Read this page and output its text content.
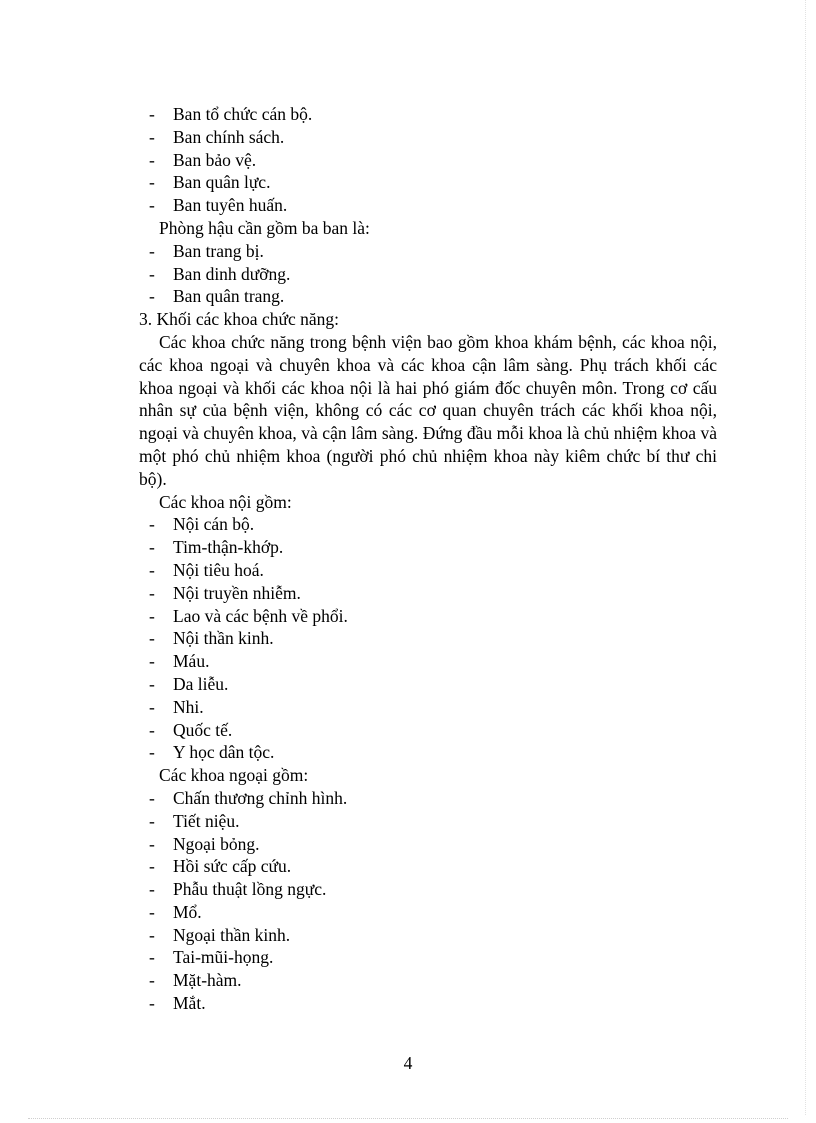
-	Ban tổ chức cán bộ.
-	Ban chính sách.
-	Ban bảo vệ.
-	Ban quân lực.
-	Ban tuyên huấn.
Phòng hậu cần gồm ba ban là:
-	Ban trang bị.
-	Ban dinh dưỡng.
-	Ban quân trang.
3. Khối các khoa chức năng:

Các khoa chức năng trong bệnh viện bao gồm khoa khám bệnh, các khoa nội, các khoa ngoại và chuyên khoa và các khoa cận lâm sàng. Phụ trách khối các khoa ngoại và khối các khoa nội là hai phó giám đốc chuyên môn. Trong cơ cấu nhân sự của bệnh viện, không có các cơ quan chuyên trách các khối khoa nội, ngoại và chuyên khoa, và cận lâm sàng. Đứng đầu mỗi khoa là chủ nhiệm khoa và một phó chủ nhiệm khoa (người phó chủ nhiệm khoa này kiêm chức bí thư chi bộ).

Các khoa nội gồm:
-	Nội cán bộ.
-	Tim-thận-khớp.
-	Nội tiêu hoá.
-	Nội truyền nhiễm.
-	Lao và các bệnh về phổi.
-	Nội thần kinh.
-	Máu.
-	Da liễu.
-	Nhi.
-	Quốc tế.
-	Y học dân tộc.
Các khoa ngoại gồm:
-	Chấn thương chỉnh hình.
-	Tiết niệu.
-	Ngoại bỏng.
-	Hồi sức cấp cứu.
-	Phẫu thuật lồng ngực.
-	Mổ.
-	Ngoại thần kinh.
-	Tai-mũi-họng.
-	Mặt-hàm.
-	Mắt.
4
